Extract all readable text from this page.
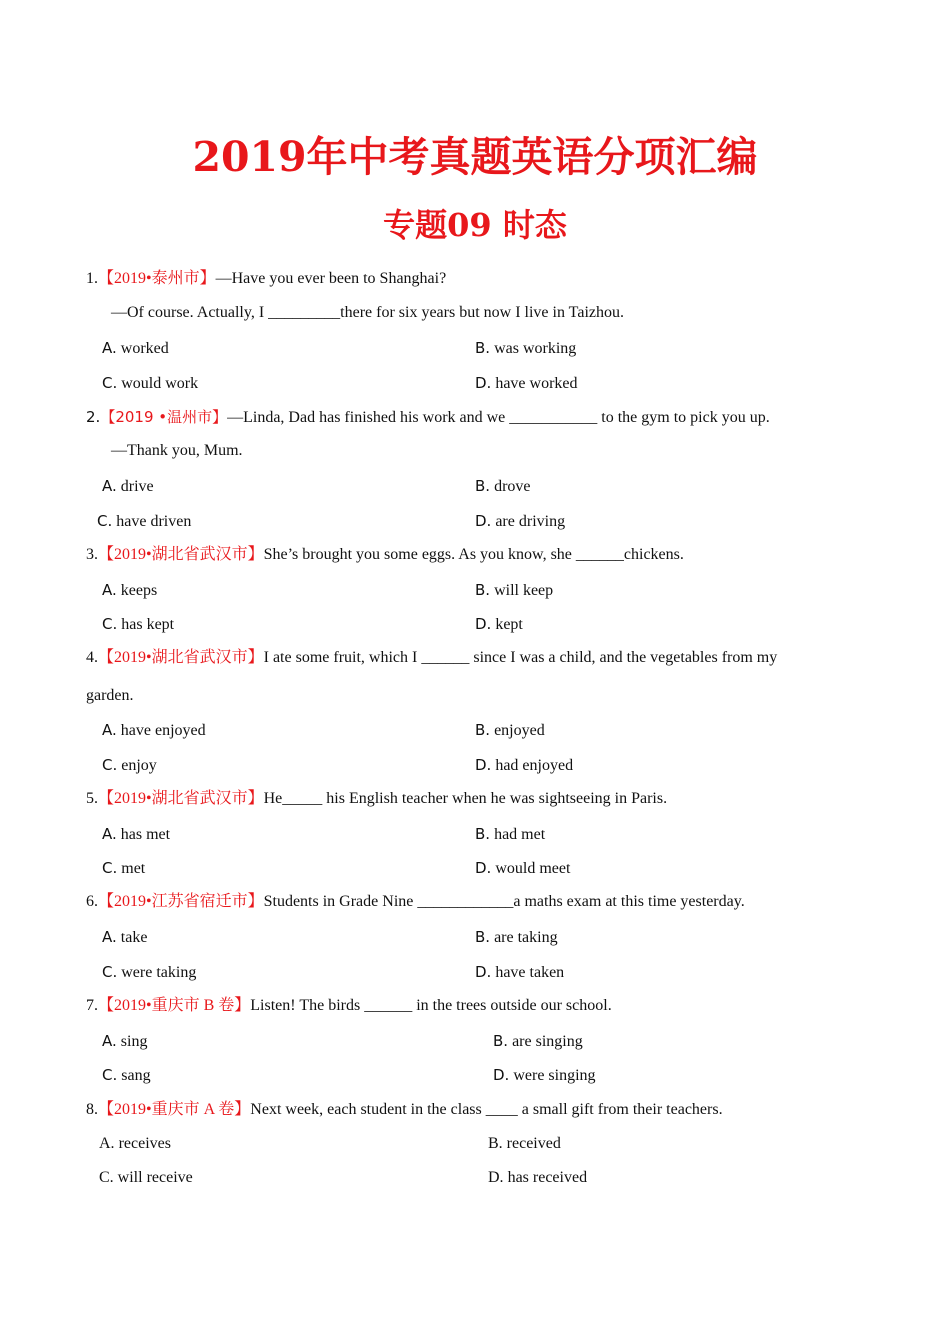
2019年中考真题英语分项汇编
专题09 时态
1.【2019•泰州市】—Have you ever been to Shanghai?
—Of course. Actually, I _________there for six years but now I live in Taizhou.
A. worked	B. was working
C. would work	D. have worked
2.【2019 •温州市】—Linda, Dad has finished his work and we ___________ to the gym to pick you up.
—Thank you, Mum.
A. drive	B. drove
C. have driven	D. are driving
3.【2019•湖北省武汉市】She’s brought you some eggs. As you know, she ______chickens.
A. keeps	B. will keep
C. has kept	D. kept
4.【2019•湖北省武汉市】I ate some fruit, which I ______ since I was a child, and the vegetables from my
garden.
A. have enjoyed	B. enjoyed
C. enjoy	D. had enjoyed
5.【2019•湖北省武汉市】He_____ his English teacher when he was sightseeing in Paris.
A. has met	B. had met
C. met	D. would meet
6.【2019•江苏省宿迁市】Students in Grade Nine ____________a maths exam at this time yesterday.
A. take	B. are taking
C. were taking	D. have taken
7.【2019•重庆市 B 卷】Listen! The birds ______ in the trees outside our school.
A. sing	B. are singing
C. sang	D. were singing
8.【2019•重庆市 A 卷】Next week, each student in the class ____ a small gift from their teachers.
A. receives	B. received
C. will receive	D. has received
